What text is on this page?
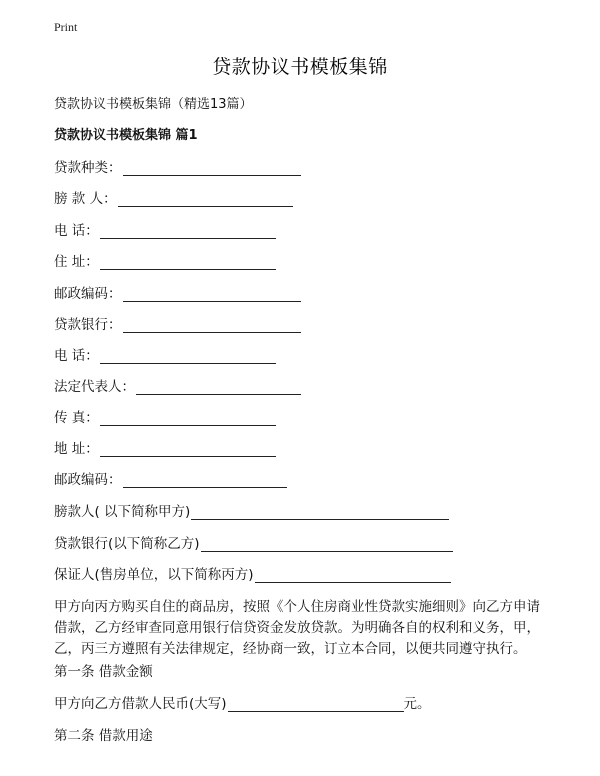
Print
贷款协议书模板集锦
贷款协议书模板集锦（精选13篇）
贷款协议书模板集锦 篇1
贷款种类：
膀 款 人：
电 话：
住 址：
邮政编码：
贷款银行：
电 话：
法定代表人：
传 真：
地 址：
邮政编码：
膀款人( 以下简称甲方)
贷款银行(以下简称乙方)
保证人(售房单位，以下简称丙方)
甲方向丙方购买自住的商品房，按照《个人住房商业性贷款实施细则》向乙方申请
借款，乙方经审查同意用银行信贷资金发放贷款。为明确各自的权利和义务，甲，
乙，丙三方遵照有关法律规定，经协商一致，订立本合同，以便共同遵守执行。
第一条 借款金额
甲方向乙方借款人民币(大写)	元。
第二条 借款用途
